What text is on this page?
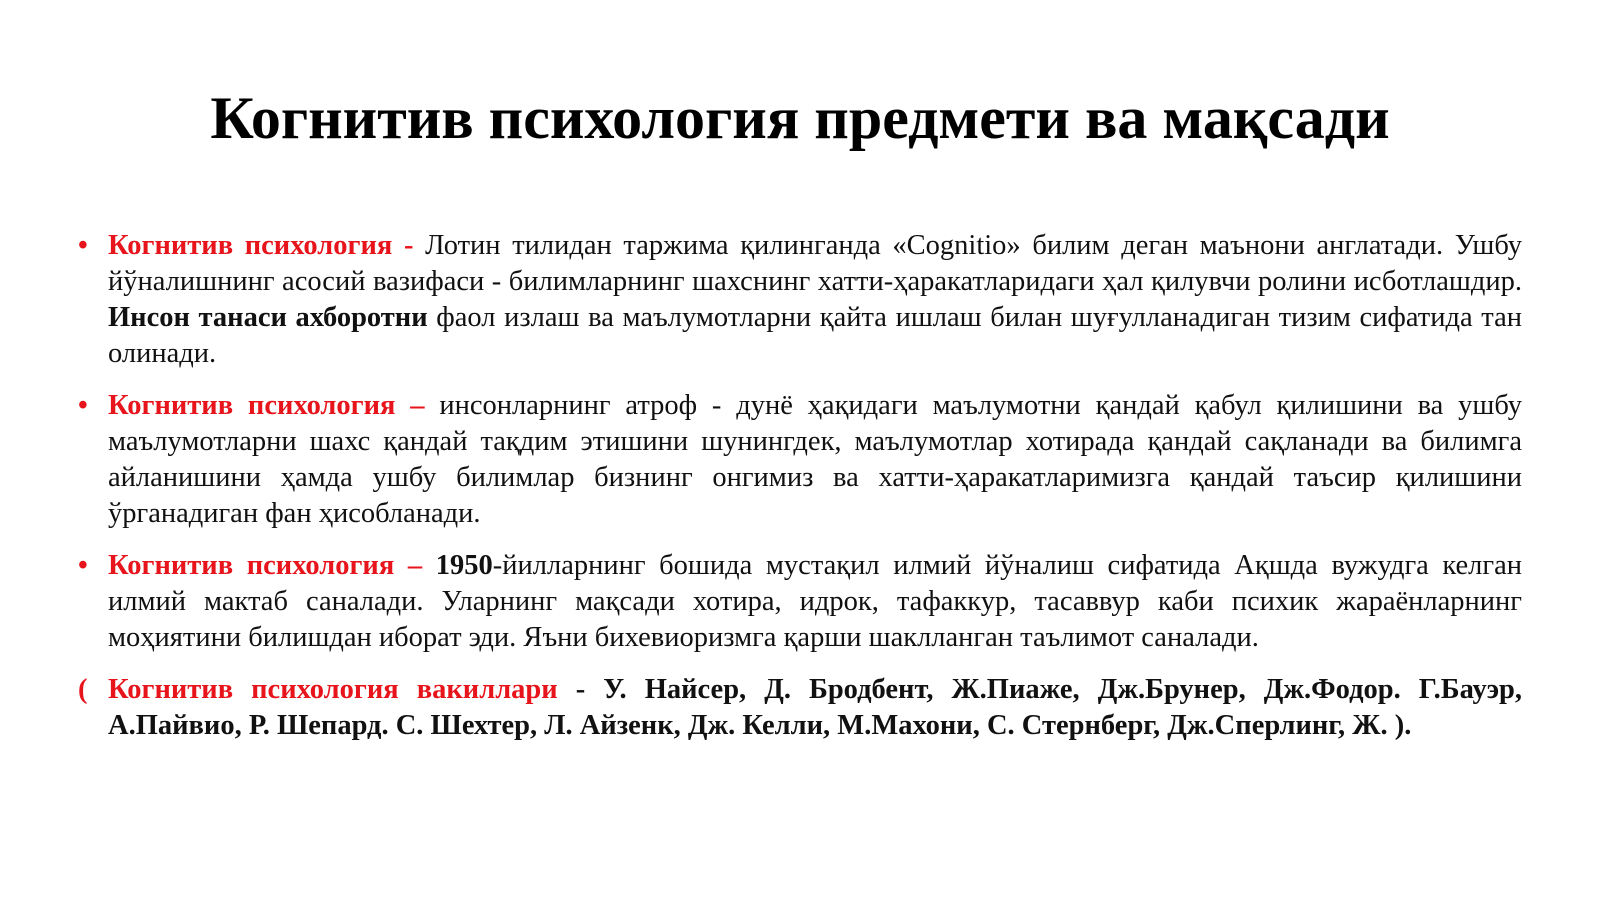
Когнитив психология предмети ва мақсади
• Когнитив психология - Лотин тилидан таржима қилинганда «Cognitio» билим деган маънони англатади. Ушбу йўналишнинг асосий вазифаси - билимларнинг шахснинг хатти-ҳаракатларидаги ҳал қилувчи ролини исботлашдир. Инсон танаси ахборотни фаол излаш ва маълумотларни қайта ишлаш билан шуғулланадиган тизим сифатида тан олинади.
• Когнитив психология – инсонларнинг атроф - дунё ҳақидаги маълумотни қандай қабул қилишини ва ушбу маълумотларни шахс қандай тақдим этишини шунингдек, маълумотлар хотирада қандай сақланади ва билимга айланишини ҳамда ушбу билимлар бизнинг онгимиз ва хатти-ҳаракатларимизга қандай таъсир қилишини ўрганадиган фан ҳисобланади.
• Когнитив психология – 1950-йилларнинг бошида мустақил илмий йўналиш сифатида Ақшда вужудга келган илмий мактаб саналади. Уларнинг мақсади хотира, идрок, тафаккур, тасаввур каби психик жараёнларнинг моҳиятини билишдан иборат эди. Яъни бихевиоризмга қарши шаклланган таълимот саналади.
( Когнитив психология вакиллари - У. Найсер, Д. Бродбент, Ж.Пиаже, Дж.Брунер, Дж.Фодор. Г.Бауэр, А.Пайвио, Р. Шепард. С. Шехтер, Л. Айзенк, Дж. Келли, М.Махони, С. Стернберг, Дж.Сперлинг, Ж. ).
